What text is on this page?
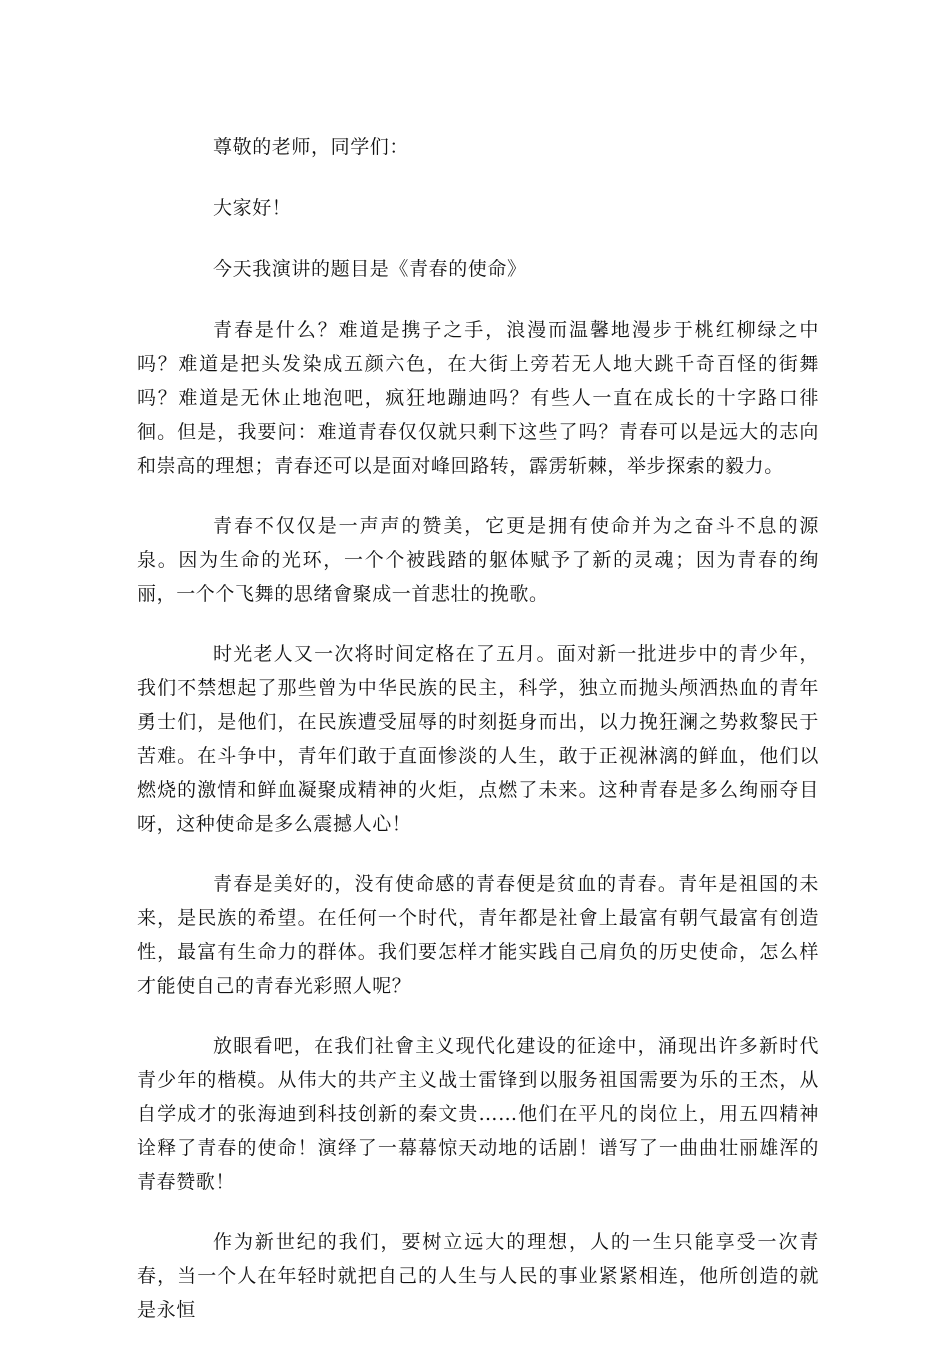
尊敬的老师，同学们：

大家好！

今天我演讲的题目是《青春的使命》

青春是什么？难道是携子之手，浪漫而温馨地漫步于桃红柳绿之中吗？难道是把头发染成五颜六色，在大街上旁若无人地大跳千奇百怪的街舞吗？难道是无休止地泡吧，疯狂地蹦迪吗？有些人一直在成长的十字路口徘徊。但是，我要问：难道青春仅仅就只剩下这些了吗？青春可以是远大的志向和崇高的理想；青春还可以是面对峰回路转，霹雳斩棘，举步探索的毅力。

青春不仅仅是一声声的赞美，它更是拥有使命并为之奋斗不息的源泉。因为生命的光环，一个个被践踏的躯体赋予了新的灵魂；因为青春的绚丽，一个个飞舞的思绪會聚成一首悲壮的挽歌。

时光老人又一次将时间定格在了五月。面对新一批进步中的青少年，我们不禁想起了那些曾为中华民族的民主，科学，独立而抛头颅洒热血的青年勇士们，是他们，在民族遭受屈辱的时刻挺身而出，以力挽狂澜之势救黎民于苦难。在斗争中，青年们敢于直面惨淡的人生，敢于正视淋漓的鲜血，他们以燃烧的激情和鲜血凝聚成精神的火炬，点燃了未来。这种青春是多么绚丽夺目呀，这种使命是多么震撼人心！

青春是美好的，没有使命感的青春便是贫血的青春。青年是祖国的未来，是民族的希望。在任何一个时代，青年都是社會上最富有朝气最富有创造性，最富有生命力的群体。我们要怎样才能实践自己肩负的历史使命，怎么样才能使自己的青春光彩照人呢？

放眼看吧，在我们社會主义现代化建设的征途中，涌现出许多新时代青少年的楷模。从伟大的共产主义战士雷锋到以服务祖国需要为乐的王杰，从自学成才的张海迪到科技创新的秦文贵……他们在平凡的岗位上，用五四精神诠释了青春的使命！演绎了一幕幕惊天动地的话剧！谱写了一曲曲壮丽雄浑的青春赞歌！

作为新世纪的我们，要树立远大的理想，人的一生只能享受一次青春，当一个人在年轻时就把自己的人生与人民的事业紧紧相连，他所创造的就是永恒
